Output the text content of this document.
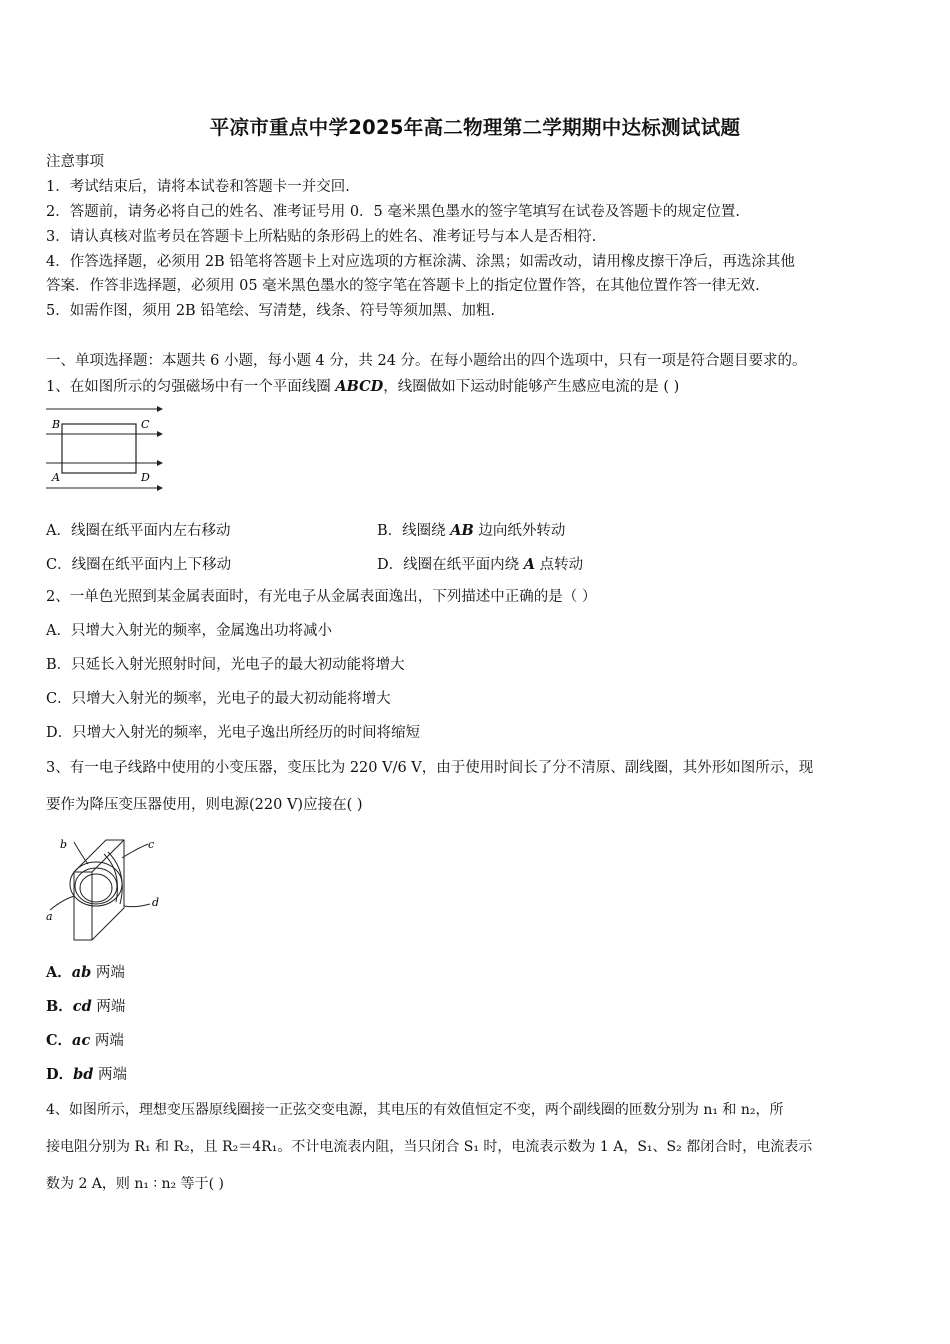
平凉市重点中学2025年高二物理第二学期期中达标测试试题
注意事项
1．考试结束后，请将本试卷和答题卡一并交回.
2．答题前，请务必将自己的姓名、准考证号用 0．5 毫米黑色墨水的签字笔填写在试卷及答题卡的规定位置.
3．请认真核对监考员在答题卡上所粘贴的条形码上的姓名、准考证号与本人是否相符.
4．作答选择题，必须用 2B 铅笔将答题卡上对应选项的方框涂满、涂黑；如需改动，请用橡皮擦干净后，再选涂其他
答案．作答非选择题，必须用 05 毫米黑色墨水的签字笔在答题卡上的指定位置作答，在其他位置作答一律无效.
5．如需作图，须用 2B 铅笔绘、写清楚，线条、符号等须加黑、加粗.
一、单项选择题：本题共 6 小题，每小题 4 分，共 24 分。在每小题给出的四个选项中，只有一项是符合题目要求的。
1、在如图所示的匀强磁场中有一个平面线圈 ABCD，线圈做如下运动时能够产生感应电流的是 ( )
B	C
A	D
A．线圈在纸平面内左右移动	B．线圈绕 AB 边向纸外转动
C．线圈在纸平面内上下移动	D．线圈在纸平面内绕 A 点转动
2、一单色光照到某金属表面时，有光电子从金属表面逸出，下列描述中正确的是（ ）
A．只增大入射光的频率，金属逸出功将减小
B．只延长入射光照射时间，光电子的最大初动能将增大
C．只增大入射光的频率，光电子的最大初动能将增大
D．只增大入射光的频率，光电子逸出所经历的时间将缩短
3、有一电子线路中使用的小变压器，变压比为 220 V/6 V，由于使用时间长了分不清原、副线圈，其外形如图所示，现
要作为降压变压器使用，则电源(220 V)应接在( )
b	c
a
d
A．ab 两端
B．cd 两端
C．ac 两端
D．bd 两端
4、如图所示，理想变压器原线圈接一正弦交变电源，其电压的有效值恒定不变，两个副线圈的匝数分别为 n₁ 和 n₂，所
接电阻分别为 R₁ 和 R₂，且 R₂＝4R₁。不计电流表内阻，当只闭合 S₁ 时，电流表示数为 1 A，S₁、S₂ 都闭合时，电流表示
数为 2 A，则 n₁ ∶ n₂ 等于( )
